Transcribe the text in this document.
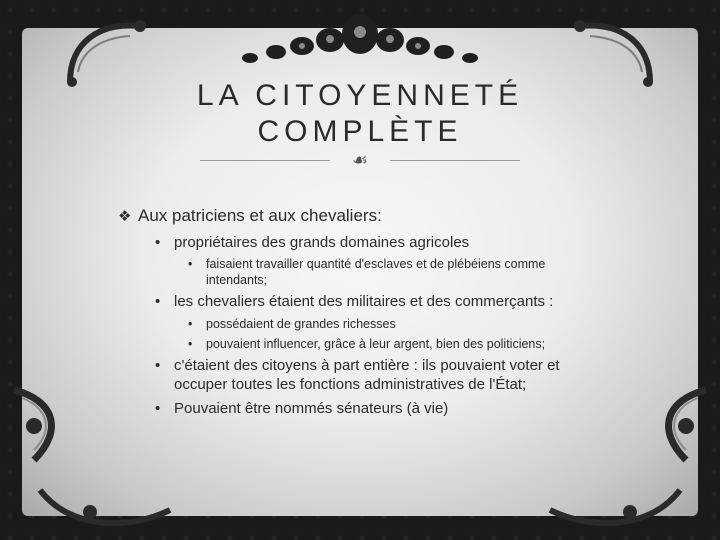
LA CITOYENNETÉ
COMPLÈTE
☙
❖ Aux patriciens et aux chevaliers:
• propriétaires des grands domaines agricoles
• faisaient travailler quantité d'esclaves et de plébéiens comme
intendants;
• les chevaliers étaient des militaires et des commerçants :
• possédaient de grandes richesses
• pouvaient influencer, grâce à leur argent, bien des politiciens;
• c'étaient des citoyens à part entière : ils pouvaient voter et
occuper toutes les fonctions administratives de l'État;
• Pouvaient être nommés sénateurs (à vie)
